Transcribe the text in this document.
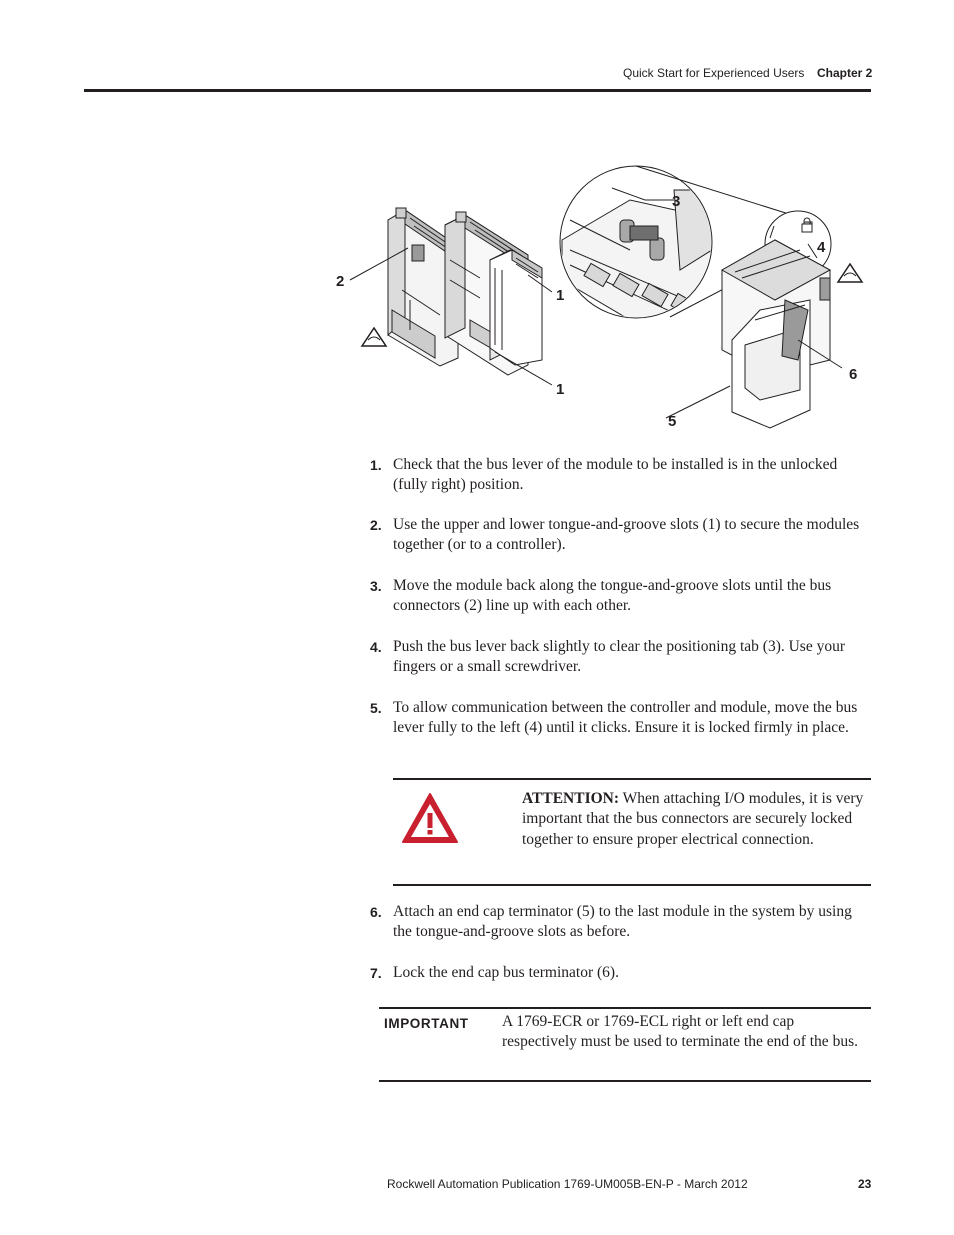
Quick Start for Experienced Users Chapter 2
2
1
1
3
4
5
6
1. Check that the bus lever of the module to be installed is in the unlocked (fully right) position.
2. Use the upper and lower tongue-and-groove slots (1) to secure the modules together (or to a controller).
3. Move the module back along the tongue-and-groove slots until the bus connectors (2) line up with each other.
4. Push the bus lever back slightly to clear the positioning tab (3). Use your fingers or a small screwdriver.
5. To allow communication between the controller and module, move the bus lever fully to the left (4) until it clicks. Ensure it is locked firmly in place.
6. Attach an end cap terminator (5) to the last module in the system by using the tongue-and-groove slots as before.
7. Lock the end cap bus terminator (6).
ATTENTION: When attaching I/O modules, it is very important that the bus connectors are securely locked together to ensure proper electrical connection.
IMPORTANT A 1769-ECR or 1769-ECL right or left end cap respectively must be used to terminate the end of the bus.
Rockwell Automation Publication 1769-UM005B-EN-P - March 2012	23
